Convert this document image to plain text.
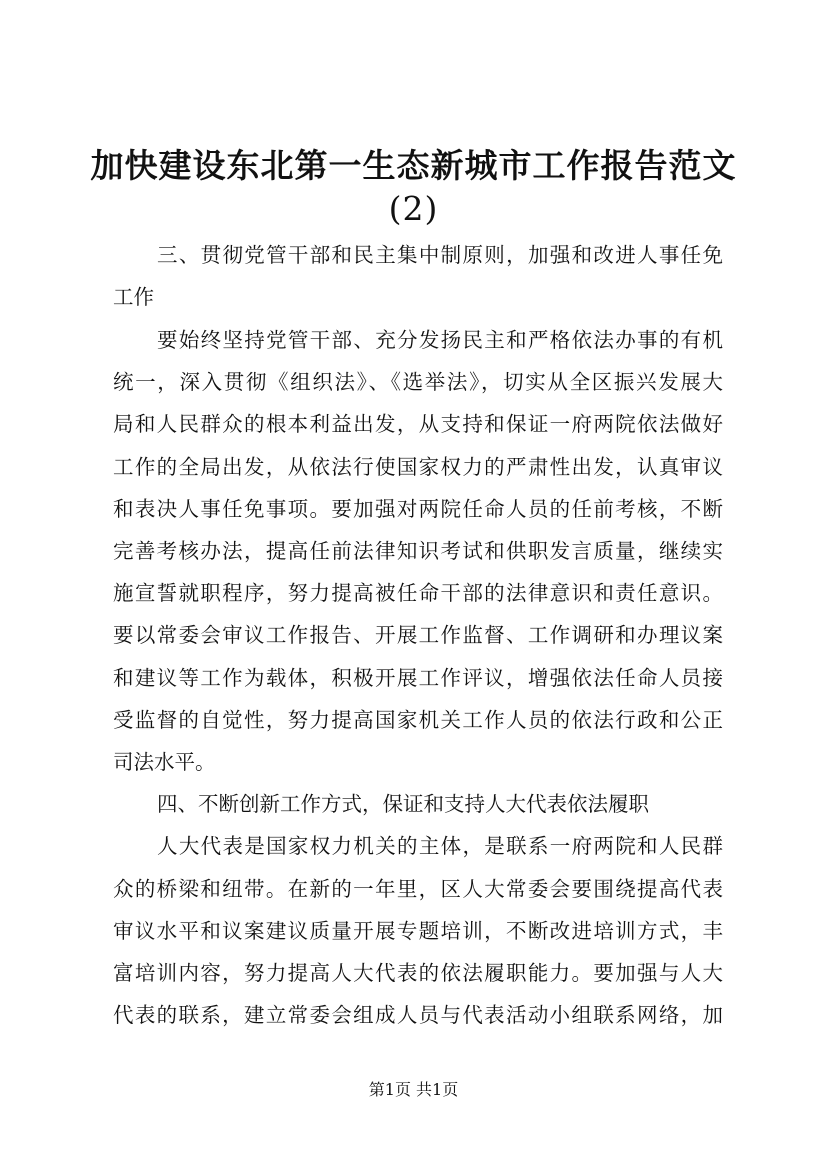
加快建设东北第一生态新城市工作报告范文
(2)

三、贯彻党管干部和民主集中制原则，加强和改进人事任免

工作

要始终坚持党管干部、充分发扬民主和严格依法办事的有机

统一，深入贯彻《组织法》、《选举法》，切实从全区振兴发展大

局和人民群众的根本利益出发，从支持和保证一府两院依法做好

工作的全局出发，从依法行使国家权力的严肃性出发，认真审议

和表决人事任免事项。要加强对两院任命人员的任前考核，不断

完善考核办法，提高任前法律知识考试和供职发言质量，继续实

施宣誓就职程序，努力提高被任命干部的法律意识和责任意识。

要以常委会审议工作报告、开展工作监督、工作调研和办理议案

和建议等工作为载体，积极开展工作评议，增强依法任命人员接

受监督的自觉性，努力提高国家机关工作人员的依法行政和公正

司法水平。

四、不断创新工作方式，保证和支持人大代表依法履职

人大代表是国家权力机关的主体，是联系一府两院和人民群

众的桥梁和纽带。在新的一年里，区人大常委会要围绕提高代表

审议水平和议案建议质量开展专题培训，不断改进培训方式，丰

富培训内容，努力提高人大代表的依法履职能力。要加强与人大

代表的联系，建立常委会组成人员与代表活动小组联系网络，加

第1页 共1页
